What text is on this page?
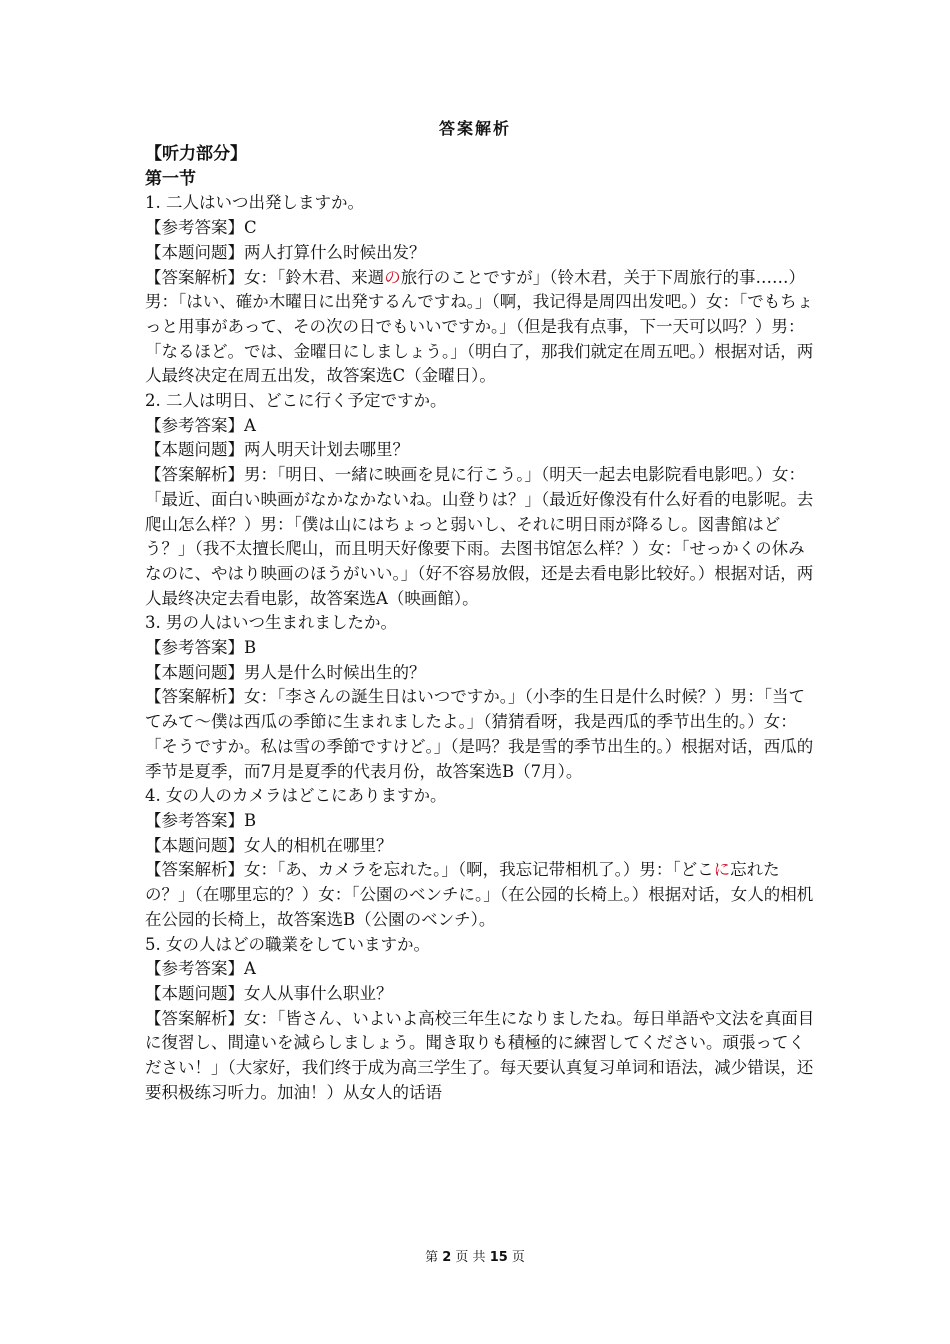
答案解析

【听力部分】

第一节

1. 二人はいつ出発しますか。

【参考答案】C

【本题问题】两人打算什么时候出发？

【答案解析】女：「鈴木君、来週の旅行のことですが」（铃木君，关于下周旅行的事……）男：「はい、確か木曜日に出発するんですね。」（啊，我记得是周四出发吧。）女：「でもちょっと用事があって、その次の日でもいいですか。」（但是我有点事，下一天可以吗？）男：「なるほど。では、金曜日にしましょう。」（明白了，那我们就定在周五吧。）根据对话，两人最终决定在周五出发，故答案选C（金曜日）。

2. 二人は明日、どこに行く予定ですか。

【参考答案】A

【本题问题】两人明天计划去哪里？

【答案解析】男：「明日、一緒に映画を見に行こう。」（明天一起去电影院看电影吧。）女：「最近、面白い映画がなかなかないね。山登りは？」（最近好像没有什么好看的电影呢。去爬山怎么样？）男：「僕は山にはちょっと弱いし、それに明日雨が降るし。図書館はどう？」（我不太擅长爬山，而且明天好像要下雨。去图书馆怎么样？）女：「せっかくの休みなのに、やはり映画のほうがいい。」（好不容易放假，还是去看电影比较好。）根据对话，两人最终决定去看电影，故答案选A（映画館）。

3. 男の人はいつ生まれましたか。

【参考答案】B

【本题问题】男人是什么时候出生的？

【答案解析】女：「李さんの誕生日はいつですか。」（小李的生日是什么时候？）男：「当ててみて～僕は西瓜の季節に生まれましたよ。」（猜猜看呀，我是西瓜的季节出生的。）女：「そうですか。私は雪の季節ですけど。」（是吗？我是雪的季节出生的。）根据对话，西瓜的季节是夏季，而7月是夏季的代表月份，故答案选B（7月）。

4. 女の人のカメラはどこにありますか。

【参考答案】B

【本题问题】女人的相机在哪里？

【答案解析】女：「あ、カメラを忘れた。」（啊，我忘记带相机了。）男：「どこに忘れたの？」（在哪里忘的？）女：「公園のベンチに。」（在公园的长椅上。）根据对话，女人的相机在公园的长椅上，故答案选B（公園のベンチ）。

5. 女の人はどの職業をしていますか。

【参考答案】A

【本题问题】女人从事什么职业？

【答案解析】女：「皆さん、いよいよ高校三年生になりましたね。毎日単語や文法を真面目に復習し、間違いを減らしましょう。聞き取りも積極的に練習してください。頑張ってください！」（大家好，我们终于成为高三学生了。每天要认真复习单词和语法，减少错误，还要积极练习听力。加油！）从女人的话语

第 2 页 共 15 页
